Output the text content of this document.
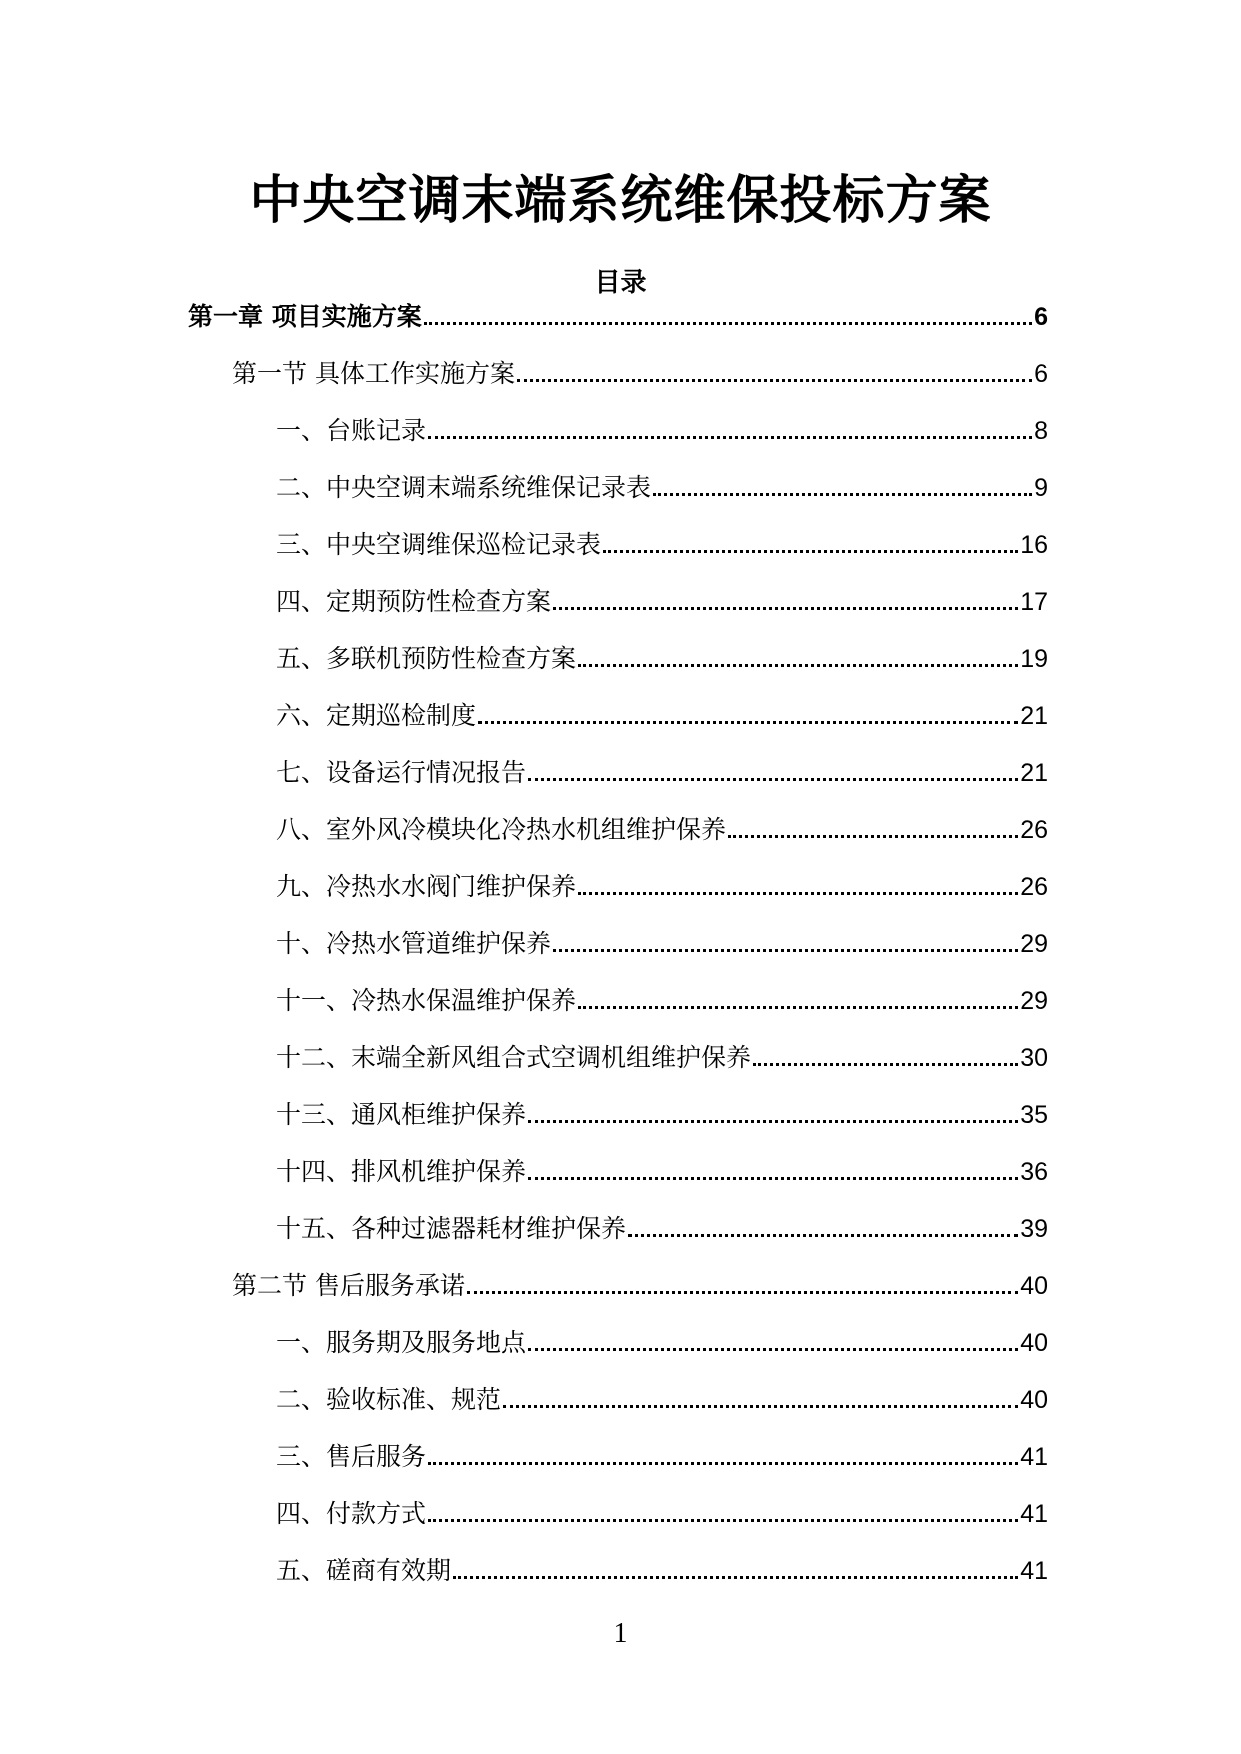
中央空调末端系统维保投标方案
目录
第一章 项目实施方案	6
第一节 具体工作实施方案	6
一、台账记录	8
二、中央空调末端系统维保记录表	9
三、中央空调维保巡检记录表	16
四、定期预防性检查方案	17
五、多联机预防性检查方案	19
六、定期巡检制度	21
七、设备运行情况报告	21
八、室外风冷模块化冷热水机组维护保养	26
九、冷热水水阀门维护保养	26
十、冷热水管道维护保养	29
十一、冷热水保温维护保养	29
十二、末端全新风组合式空调机组维护保养	30
十三、通风柜维护保养	35
十四、排风机维护保养	36
十五、各种过滤器耗材维护保养	39
第二节 售后服务承诺	40
一、服务期及服务地点	40
二、验收标准、规范	40
三、售后服务	41
四、付款方式	41
五、磋商有效期	41
1
